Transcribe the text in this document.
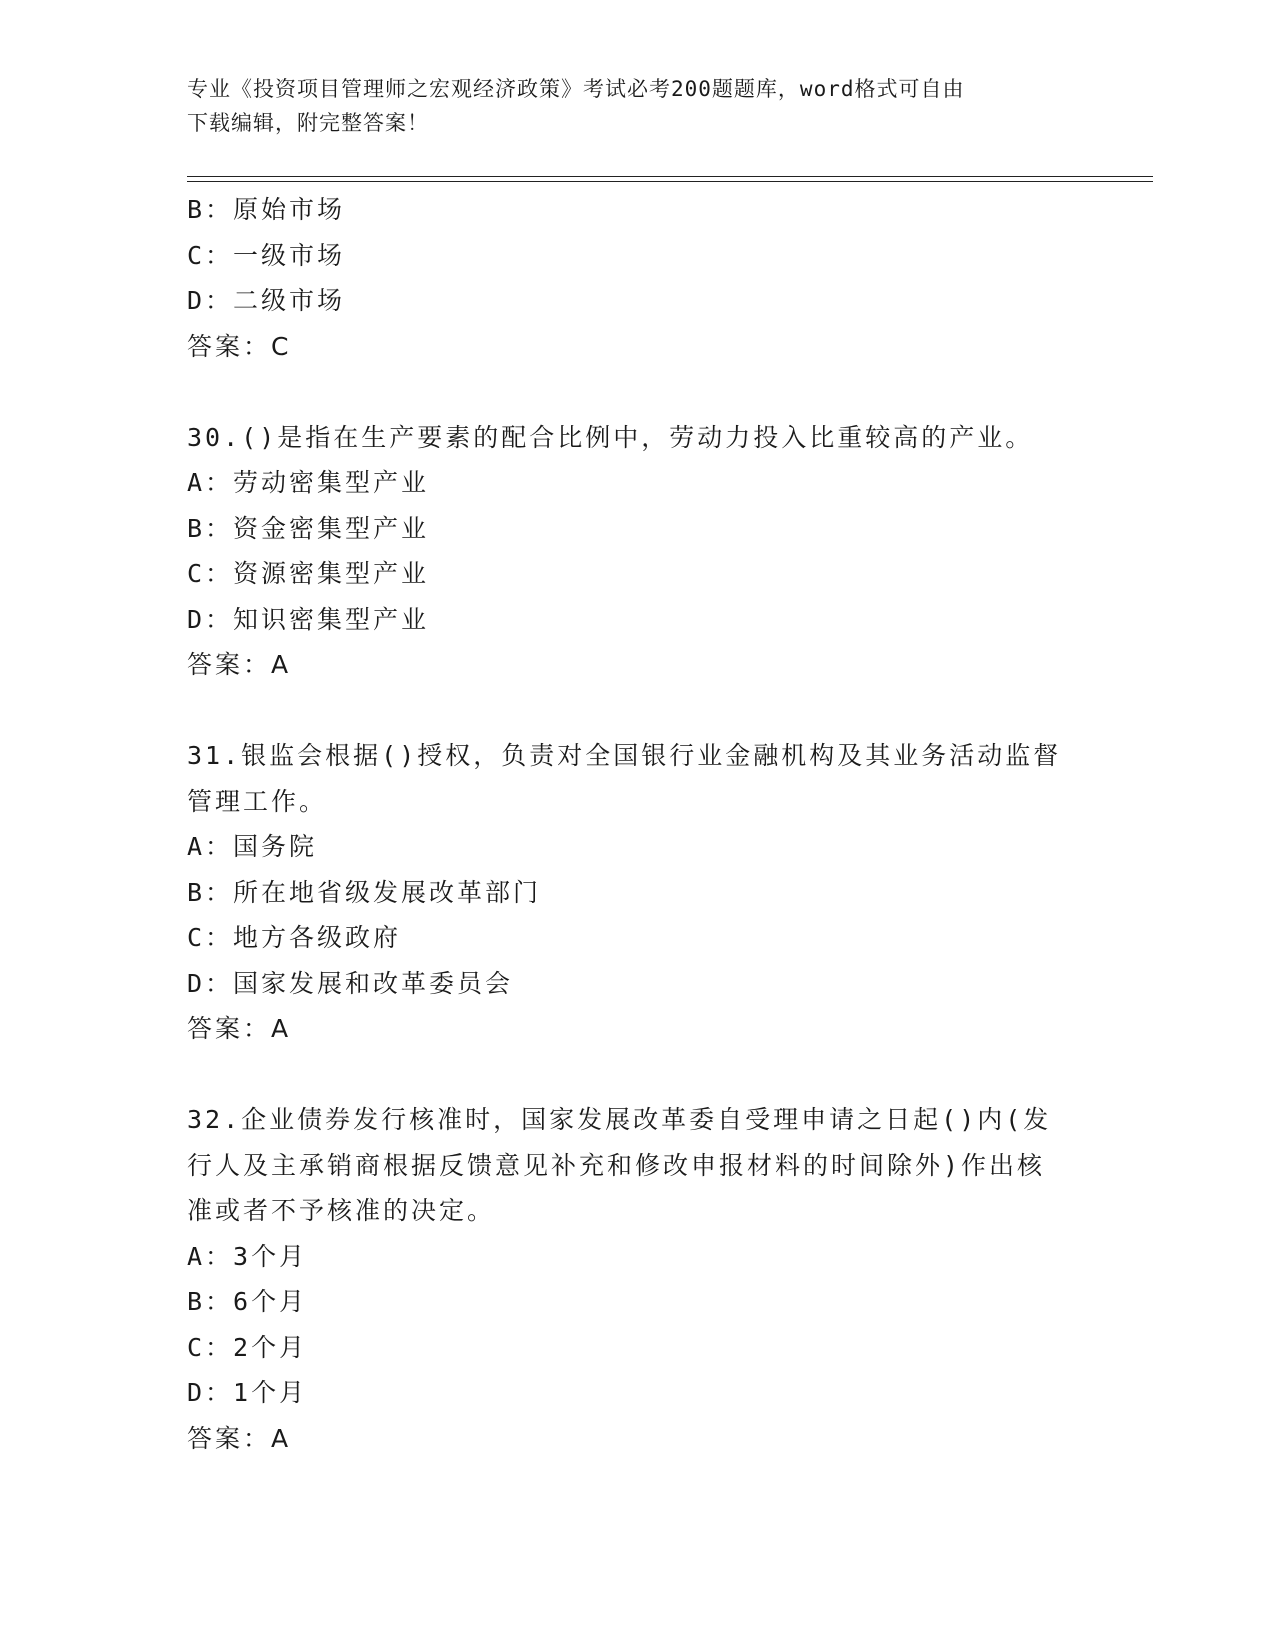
专业《投资项目管理师之宏观经济政策》考试必考200题题库，word格式可自由
下载编辑，附完整答案！
B：原始市场
C：一级市场
D：二级市场
答案：C
30.()是指在生产要素的配合比例中，劳动力投入比重较高的产业。
A：劳动密集型产业
B：资金密集型产业
C：资源密集型产业
D：知识密集型产业
答案：A
31.银监会根据()授权，负责对全国银行业金融机构及其业务活动监督
管理工作。
A：国务院
B：所在地省级发展改革部门
C：地方各级政府
D：国家发展和改革委员会
答案：A
32.企业债券发行核准时，国家发展改革委自受理申请之日起()内(发
行人及主承销商根据反馈意见补充和修改申报材料的时间除外)作出核
准或者不予核准的决定。
A：3个月
B：6个月
C：2个月
D：1个月
答案：A
